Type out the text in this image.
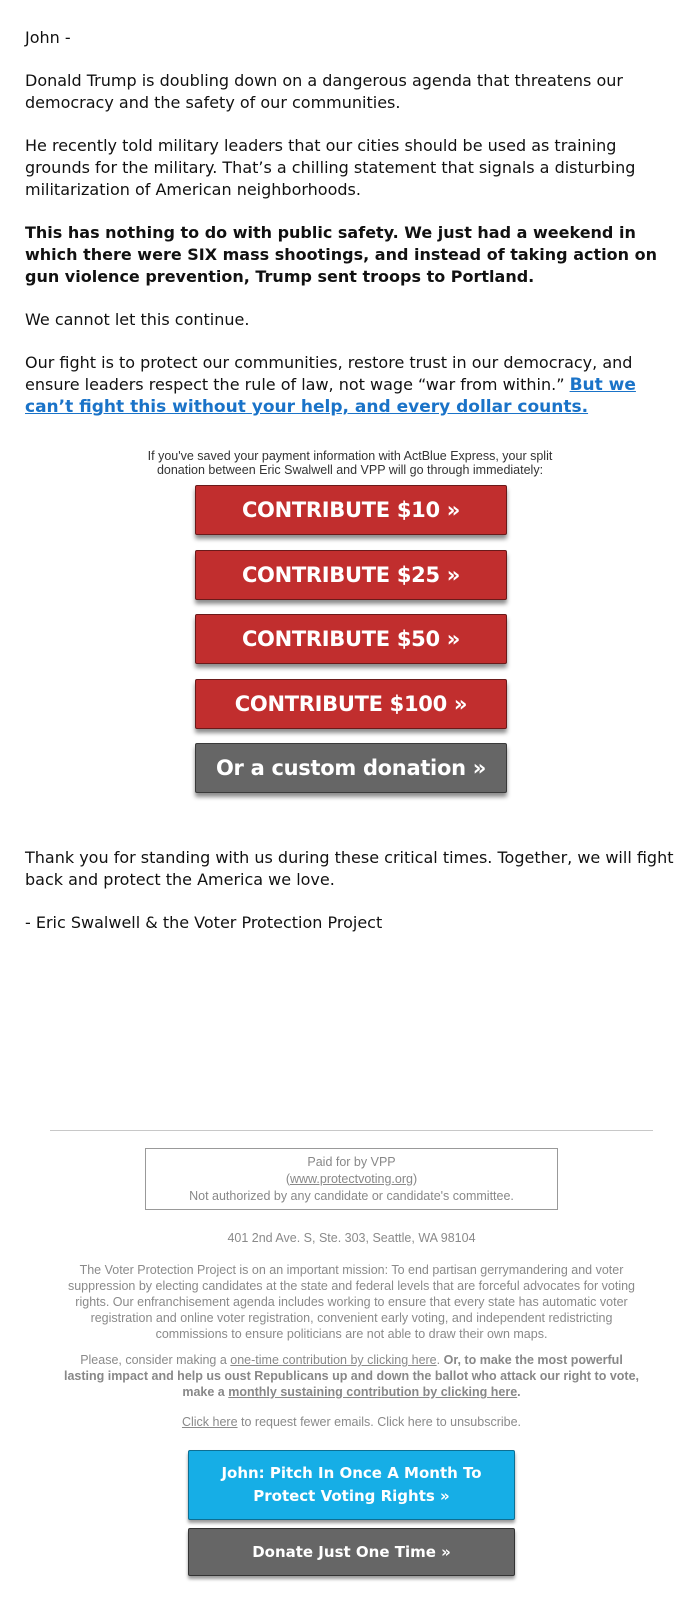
John -

Donald Trump is doubling down on a dangerous agenda that threatens our democracy and the safety of our communities.

He recently told military leaders that our cities should be used as training grounds for the military. That’s a chilling statement that signals a disturbing militarization of American neighborhoods.

This has nothing to do with public safety. We just had a weekend in which there were SIX mass shootings, and instead of taking action on gun violence prevention, Trump sent troops to Portland.

We cannot let this continue.

Our fight is to protect our communities, restore trust in our democracy, and ensure leaders respect the rule of law, not wage “war from within.” But we can’t fight this without your help, and every dollar counts.

If you've saved your payment information with ActBlue Express, your split donation between Eric Swalwell and VPP will go through immediately:
CONTRIBUTE $10 »
CONTRIBUTE $25 »
CONTRIBUTE $50 »
CONTRIBUTE $100 »
Or a custom donation »

Thank you for standing with us during these critical times. Together, we will fight back and protect the America we love.

- Eric Swalwell & the Voter Protection Project

Paid for by VPP
(www.protectvoting.org)
Not authorized by any candidate or candidate's committee.
401 2nd Ave. S, Ste. 303, Seattle, WA 98104
The Voter Protection Project is on an important mission: To end partisan gerrymandering and voter suppression by electing candidates at the state and federal levels that are forceful advocates for voting rights. Our enfranchisement agenda includes working to ensure that every state has automatic voter registration and online voter registration, convenient early voting, and independent redistricting commissions to ensure politicians are not able to draw their own maps.
Please, consider making a one-time contribution by clicking here. Or, to make the most powerful lasting impact and help us oust Republicans up and down the ballot who attack our right to vote, make a monthly sustaining contribution by clicking here.
Click here to request fewer emails. Click here to unsubscribe.
John: Pitch In Once A Month To Protect Voting Rights »
Donate Just One Time »
